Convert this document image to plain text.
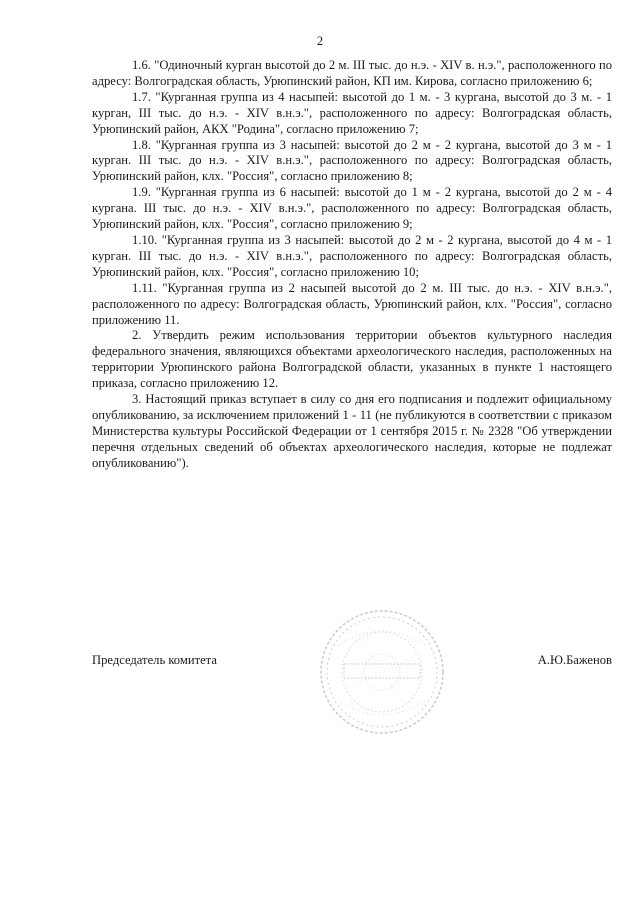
2

1.6. "Одиночный курган высотой до 2 м. III тыс. до н.э. - XIV в. н.э.", расположенного по адресу: Волгоградская область, Урюпинский район, КП им. Кирова, согласно приложению 6;

1.7. "Курганная группа из 4 насыпей: высотой до 1 м. - 3 кургана, высотой до 3 м. - 1 курган, III тыс. до н.э. - XIV в.н.э.", расположенного по адресу: Волгоградская область, Урюпинский район, АКХ "Родина", согласно приложению 7;

1.8. "Курганная группа из 3 насыпей: высотой до 2 м - 2 кургана, высотой до 3 м - 1 курган. III тыс. до н.э. - XIV в.н.э.", расположенного по адресу: Волгоградская область, Урюпинский район, клх. "Россия", согласно приложению 8;

1.9. "Курганная группа из 6 насыпей: высотой до 1 м - 2 кургана, высотой до 2 м - 4 кургана. III тыс. до н.э. - XIV в.н.э.", расположенного по адресу: Волгоградская область, Урюпинский район, клх. "Россия", согласно приложению 9;

1.10. "Курганная группа из 3 насыпей: высотой до 2 м - 2 кургана, высотой до 4 м - 1 курган. III тыс. до н.э. - XIV в.н.э.", расположенного по адресу: Волгоградская область, Урюпинский район, клх. "Россия", согласно приложению 10;

1.11. "Курганная группа из 2 насыпей высотой до 2 м. III тыс. до н.э. - XIV в.н.э.", расположенного по адресу: Волгоградская область, Урюпинский район, клх. "Россия", согласно приложению 11.

2. Утвердить режим использования территории объектов культурного наследия федерального значения, являющихся объектами археологического наследия, расположенных на территории Урюпинского района Волгоградской области, указанных в пункте 1 настоящего приказа, согласно приложению 12.

3. Настоящий приказ вступает в силу со дня его подписания и подлежит официальному опубликованию, за исключением приложений 1 - 11 (не публикуются в соответствии с приказом Министерства культуры Российской Федерации от 1 сентября 2015 г. № 2328 "Об утверждении перечня отдельных сведений об объектах археологического наследия, которые не подлежат опубликованию").

Председатель комитета	А.Ю.Баженов
